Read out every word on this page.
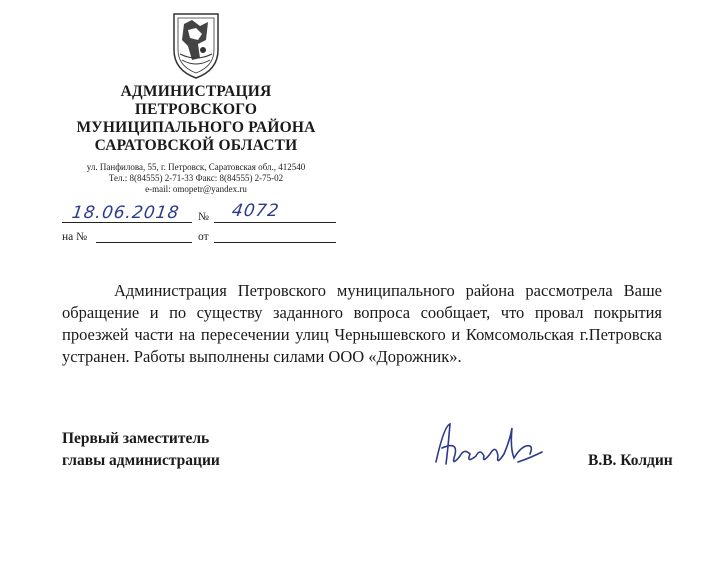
АДМИНИСТРАЦИЯ
ПЕТРОВСКОГО
МУНИЦИПАЛЬНОГО РАЙОНА
САРАТОВСКОЙ ОБЛАСТИ
ул. Панфилова, 55, г. Петровск, Саратовская обл., 412540
Тел.: 8(84555) 2-71-33 Факс: 8(84555) 2-75-02
e-mail: omopetr@yandex.ru
18.06.2018 № 4072
на №	от

Администрация Петровского муниципального района рассмотрела Ваше обращение и по существу заданного вопроса сообщает, что провал покрытия проезжей части на пересечении улиц Чернышевского и Комсомольская г.Петровска устранен. Работы выполнены силами ООО «Дорожник».

Первый заместитель
главы администрации	В.В. Колдин
